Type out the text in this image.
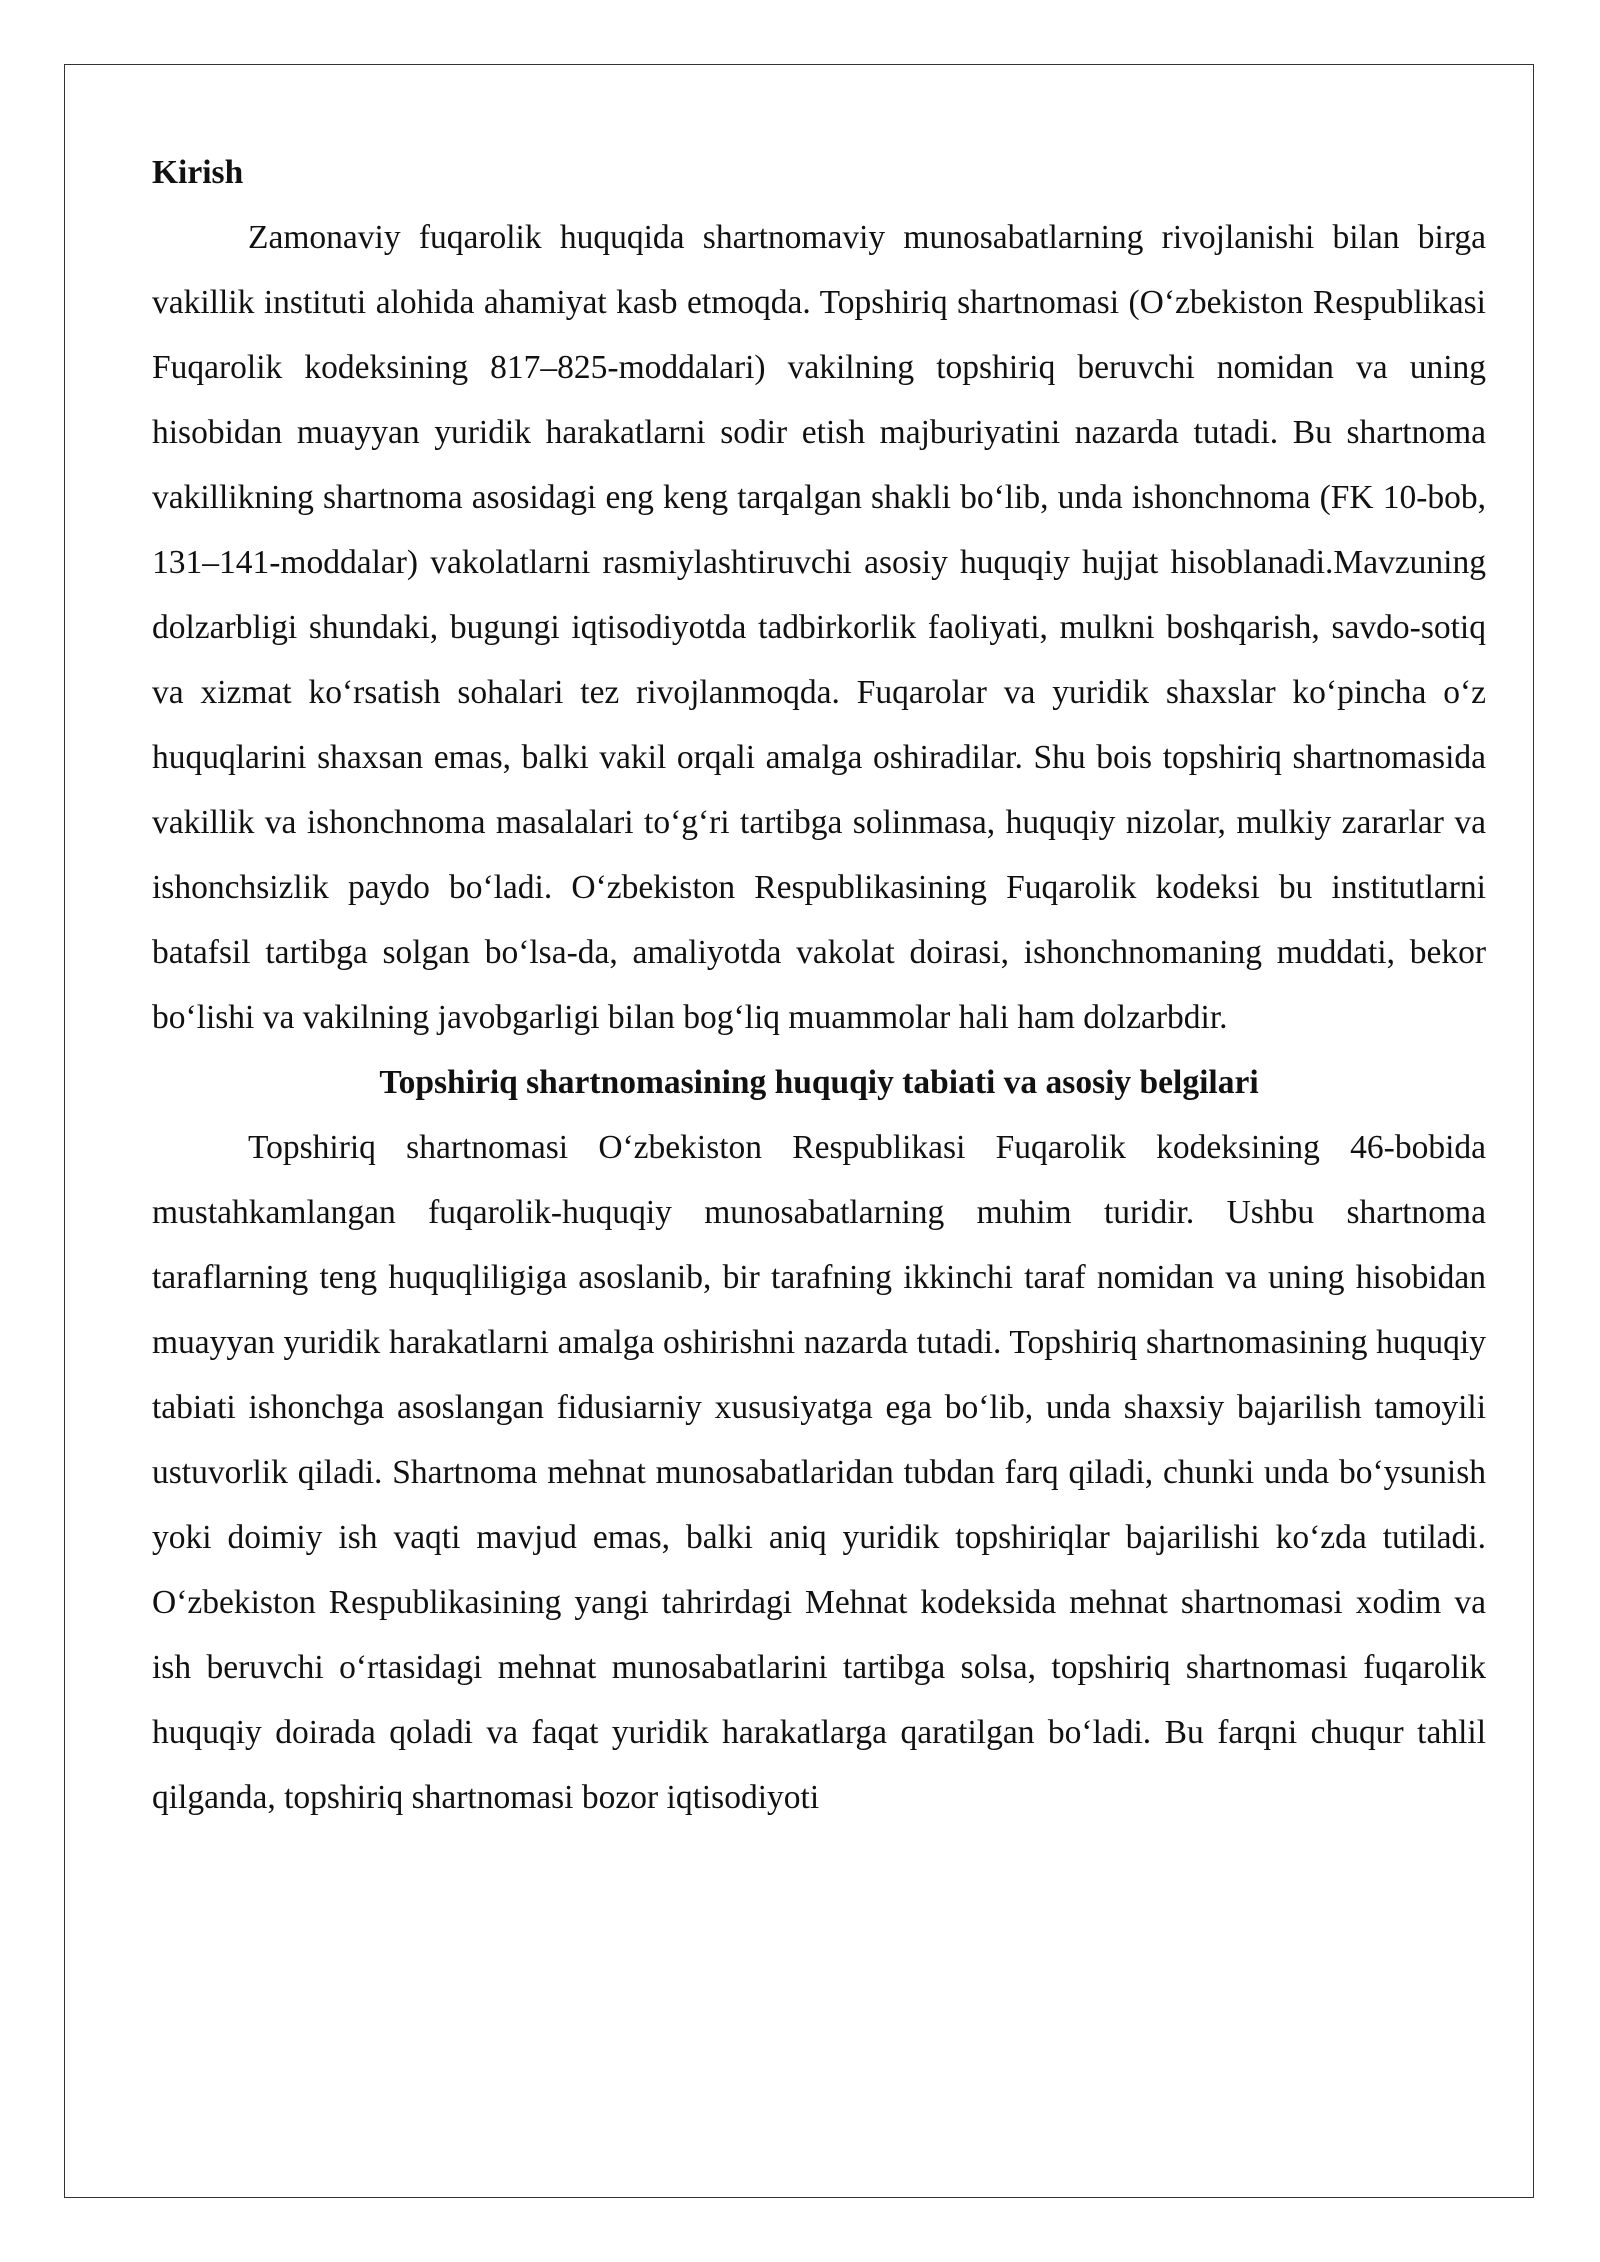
Kirish

Zamonaviy fuqarolik huquqida shartnomaviy munosabatlarning rivojlanishi bilan birga vakillik instituti alohida ahamiyat kasb etmoqda. Topshiriq shartnomasi (O‘zbekiston Respublikasi Fuqarolik kodeksining 817–825-moddalari) vakilning topshiriq beruvchi nomidan va uning hisobidan muayyan yuridik harakatlarni sodir etish majburiyatini nazarda tutadi. Bu shartnoma vakillikning shartnoma asosidagi eng keng tarqalgan shakli bo‘lib, unda ishonchnoma (FK 10-bob, 131–141-moddalar) vakolatlarni rasmiylashtiruvchi asosiy huquqiy hujjat hisoblanadi.Mavzuning dolzarbligi shundaki, bugungi iqtisodiyotda tadbirkorlik faoliyati, mulkni boshqarish, savdo-sotiq va xizmat ko‘rsatish sohalari tez rivojlanmoqda. Fuqarolar va yuridik shaxslar ko‘pincha o‘z huquqlarini shaxsan emas, balki vakil orqali amalga oshiradilar. Shu bois topshiriq shartnomasida vakillik va ishonchnoma masalalari to‘g‘ri tartibga solinmasa, huquqiy nizolar, mulkiy zararlar va ishonchsizlik paydo bo‘ladi. O‘zbekiston Respublikasining Fuqarolik kodeksi bu institutlarni batafsil tartibga solgan bo‘lsa-da, amaliyotda vakolat doirasi, ishonchnomaning muddati, bekor bo‘lishi va vakilning javobgarligi bilan bog‘liq muammolar hali ham dolzarbdir.

Topshiriq shartnomasining huquqiy tabiati va asosiy belgilari

Topshiriq shartnomasi O‘zbekiston Respublikasi Fuqarolik kodeksining 46-bobida mustahkamlangan fuqarolik-huquqiy munosabatlarning muhim turidir. Ushbu shartnoma taraflarning teng huquqliligiga asoslanib, bir tarafning ikkinchi taraf nomidan va uning hisobidan muayyan yuridik harakatlarni amalga oshirishni nazarda tutadi. Topshiriq shartnomasining huquqiy tabiati ishonchga asoslangan fidusiarniy xususiyatga ega bo‘lib, unda shaxsiy bajarilish tamoyili ustuvorlik qiladi. Shartnoma mehnat munosabatlaridan tubdan farq qiladi, chunki unda bo‘ysunish yoki doimiy ish vaqti mavjud emas, balki aniq yuridik topshiriqlar bajarilishi ko‘zda tutiladi. O‘zbekiston Respublikasining yangi tahrirdagi Mehnat kodeksida mehnat shartnomasi xodim va ish beruvchi o‘rtasidagi mehnat munosabatlarini tartibga solsa, topshiriq shartnomasi fuqarolik huquqiy doirada qoladi va faqat yuridik harakatlarga qaratilgan bo‘ladi. Bu farqni chuqur tahlil qilganda, topshiriq shartnomasi bozor iqtisodiyoti
